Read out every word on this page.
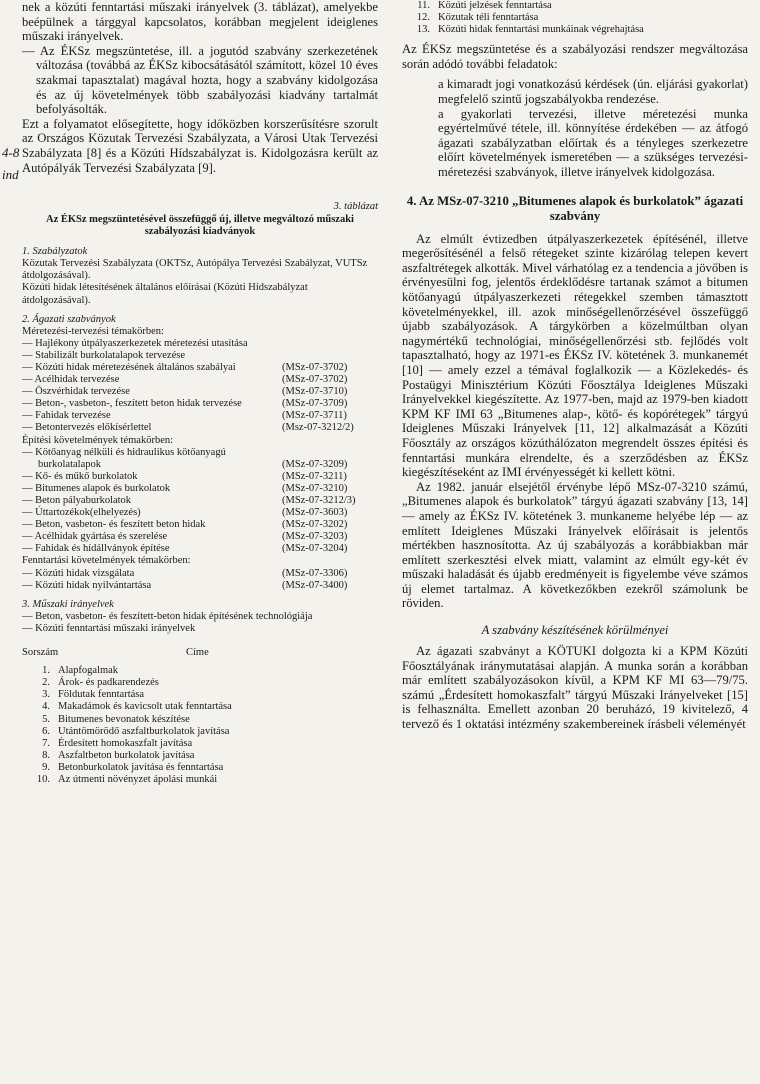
4-8
ind

nek a közúti fenntartási műszaki irányelvek (3. táblázat), amelyekbe beépülnek a tárggyal kapcsolatos, korábban megjelent ideiglenes műszaki irányelvek.

— Az ÉKSz megszüntetése, ill. a jogutód szabvány szerkezetének változása (továbbá az ÉKSz kibocsátásától számított, közel 10 éves szakmai tapasztalat) magával hozta, hogy a szabvány kidolgozása és az új követelmények több szabályozási kiadvány tartalmát befolyásolták.

Ezt a folyamatot elősegítette, hogy időközben korszerűsítésre szorult az Országos Közutak Tervezési Szabályzata, a Városi Utak Tervezési Szabályzata [8] és a Közúti Hídszabályzat is. Kidolgozásra került az Autópályák Tervezési Szabályzata [9].

3. táblázat
Az ÉKSz megszüntetésével összefüggő új, illetve megváltozó műszaki szabályozási kiadványok
1. Szabályzatok
Közutak Tervezési Szabályzata (OKTSz, Autópálya Tervezési Szabályzat, VUTSz átdolgozásával).
Közúti hidak létesítésének általános előírásai (Közúti Hídszabályzat átdolgozásával).
2. Ágazati szabványok
Méretezési-tervezési témakörben:
— Hajlékony útpályaszerkezetek méretezési utasítása
— Stabilizált burkolatalapok tervezése
— Közúti hidak méretezésének általános szabályai	(MSz-07-3702)
— Acélhidak tervezése	(MSz-07-3702)
— Öszvérhidak tervezése	(MSz-07-3710)
— Beton-, vasbeton-, feszített beton hidak tervezése	(MSz-07-3709)
— Fahidak tervezése	(MSz-07-3711)
— Betontervezés előkísérlettel	(Msz-07-3212/2)
Építési követelmények témakörben:
— Kötőanyag nélküli és hidraulikus kötőanyagú burkolatalapok	(MSz-07-3209)
— Kő- és műkő burkolatok	(MSz-07-3211)
— Bitumenes alapok és burkolatok	(MSz-07-3210)
— Beton pályaburkolatok	(MSz-07-3212/3)
— Úttartozékok(elhelyezés)	(MSz-07-3603)
— Beton, vasbeton- és feszített beton hidak	(MSz-07-3202)
— Acélhidak gyártása és szerelése	(MSz-07-3203)
— Fahidak és hídállványok építése	(MSz-07-3204)
Fenntartási követelmények témakörben:
— Közúti hidak vizsgálata	(MSz-07-3306)
— Közúti hidak nyilvántartása	(MSz-07-3400)
3. Műszaki irányelvek
— Beton, vasbeton- és feszített-beton hidak építésének technológiája
— Közúti fenntartási műszaki irányelvek
Sorszám	Címe
1. Alapfogalmak
2. Árok- és padkarendezés
3. Földutak fenntartása
4. Makadámok és kavicsolt utak fenntartása
5. Bitumenes bevonatok készítése
6. Utántömörödő aszfaltburkolatok javítása
7. Érdesített homokaszfalt javítása
8. Aszfaltbeton burkolatok javítása
9. Betonburkolatok javítása és fenntartása
10. Az útmenti növényzet ápolási munkái
11. Közúti jelzések fenntartása
12. Közutak téli fenntartása
13. Közúti hidak fenntartási munkáinak végrehajtása

Az ÉKSz megszüntetése és a szabályozási rendszer megváltozása során adódó további feladatok:

a kimaradt jogi vonatkozású kérdések (ún. eljárási gyakorlat) megfelelő szintű jogszabályokba rendezése.

a gyakorlati tervezési, illetve méretezési munka egyértelművé tétele, ill. könnyítése érdekében — az átfogó ágazati szabályzatban előírtak és a tényleges szerkezetre előírt követelmények ismeretében — a szükséges tervezési-méretezési szabványok, illetve irányelvek kidolgozása.

4. Az MSz-07-3210 „Bitumenes alapok és burkolatok” ágazati szabvány

Az elmúlt évtizedben útpályaszerkezetek építésénél, illetve megerősítésénél a felső rétegeket szinte kizárólag telepen kevert aszfaltrétegek alkották. Mivel várhatólag ez a tendencia a jövőben is érvényesülni fog, jelentős érdeklődésre tartanak számot a bitumen kötőanyagú útpályaszerkezeti rétegekkel szemben támasztott követelményekkel, ill. azok minőségellenőrzésével összefüggő újabb szabályozások. A tárgykörben a közelmúltban olyan nagymértékű technológiai, minőségellenőrzési stb. fejlődés volt tapasztalható, hogy az 1971-es ÉKSz IV. kötetének 3. munkanemét [10] — amely ezzel a témával foglalkozik — a Közlekedés- és Postaügyi Minisztérium Közúti Főosztálya Ideiglenes Műszaki Irányelvekkel kiegészítette. Az 1977-ben, majd az 1979-ben kiadott KPM KF IMI 63 „Bitumenes alap-, kötő- és kopórétegek” tárgyú Ideiglenes Műszaki Irányelvek [11, 12] alkalmazását a Közúti Főosztály az országos közúthálózaton megrendelt összes építési és fenntartási munkára elrendelte, és a szerződésben az ÉKSz kiegészítéseként az IMI érvényességét ki kellett kötni.

Az 1982. január elsejétől érvénybe lépő MSz-07-3210 számú, „Bitumenes alapok és burkolatok” tárgyú ágazati szabvány [13, 14] — amely az ÉKSz IV. kötetének 3. munkaneme helyébe lép — az említett Ideiglenes Műszaki Irányelvek előírásait is jelentős mértékben hasznosította. Az új szabályozás a korábbiakban már említett szerkesztési elvek miatt, valamint az elmúlt egy-két év műszaki haladását és újabb eredményeit is figyelembe véve számos új elemet tartalmaz. A következőkben ezekről számolunk be röviden.

A szabvány készítésének körülményei

Az ágazati szabványt a KÖTUKI dolgozta ki a KPM Közúti Főosztályának iránymutatásai alapján. A munka során a korábban már említett szabályozásokon kívül, a KPM KF MI 63—79/75. számú „Érdesített homokaszfalt” tárgyú Műszaki Irányelveket [15] is felhasználta. Emellett azonban 20 beruházó, 19 kivitelező, 4 tervező és 1 oktatási intézmény szakembereinek írásbeli véleményét
